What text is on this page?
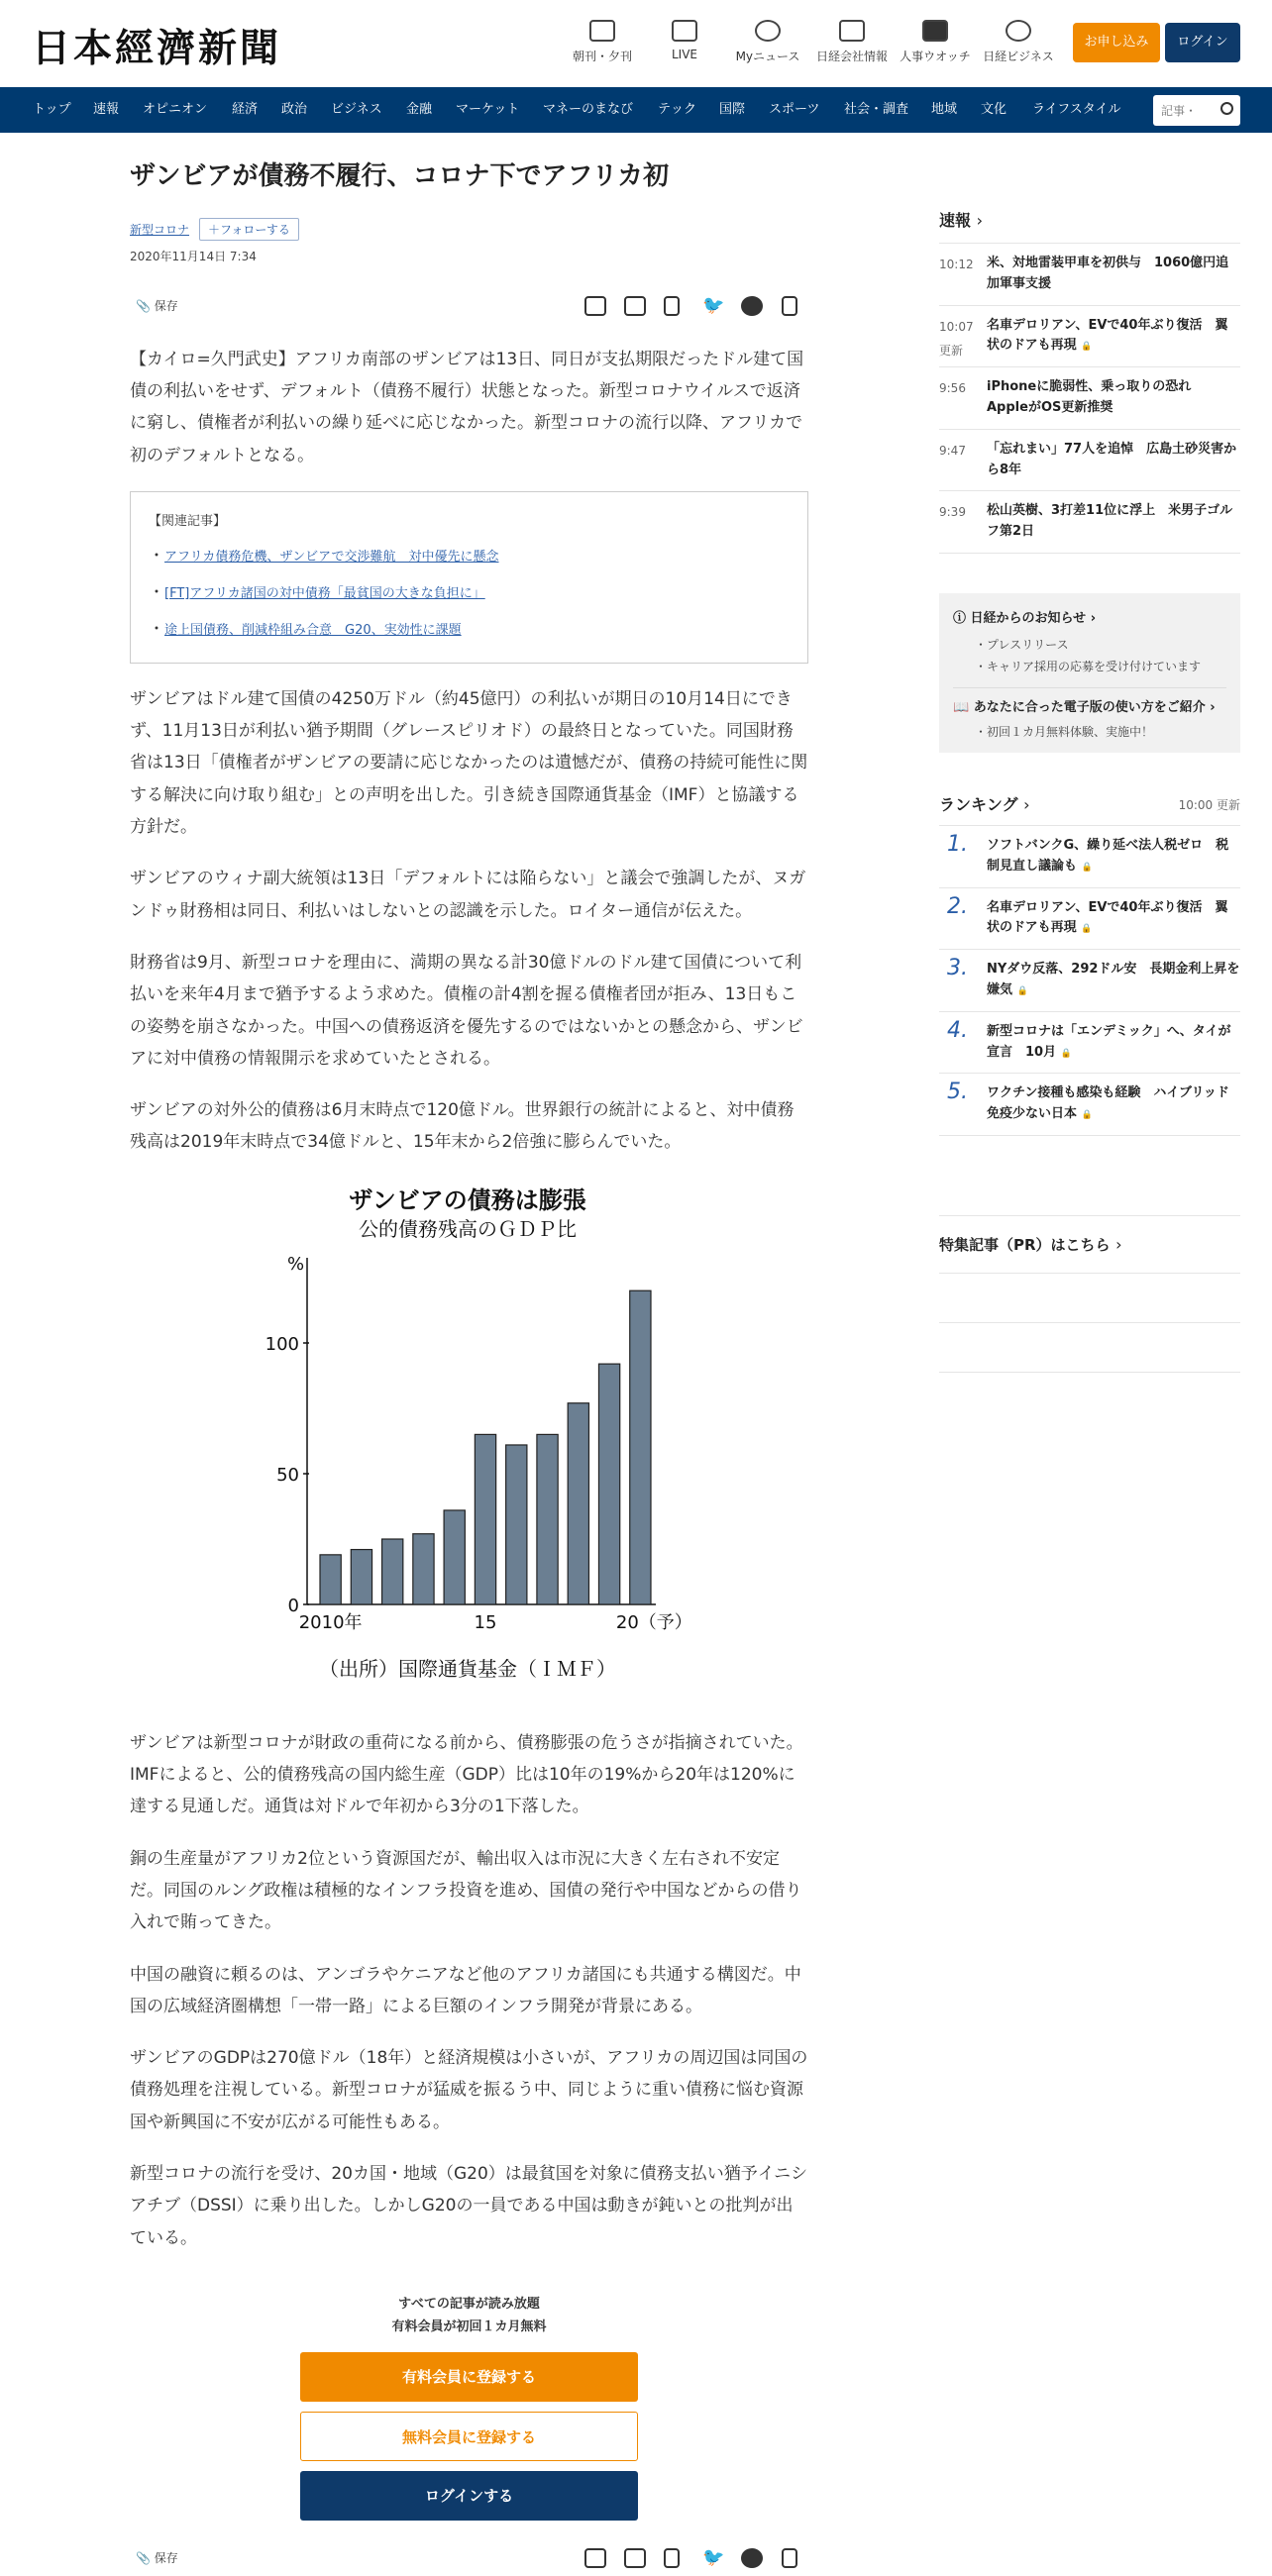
日本經濟新聞	朝刊・夕刊	LIVE	Myニュース	日経会社情報	人事ウオッチ	日経ビジネス
お申し込み	ログイン
トップ 速報 オピニオン 経済 政治 ビジネス 金融 マーケット マネーのまなび テック 国際 スポーツ 社会・調査 地域 文化 ライフスタイル
記事・
ザンビアが債務不履行、コロナ下でアフリカ初
新型コロナ ＋フォローする
2020年11月14日 7:34
📎 保存	🐦

【カイロ=久門武史】アフリカ南部のザンビアは13日、同日が支払期限だったドル建て国債の利払いをせず、デフォルト（債務不履行）状態となった。新型コロナウイルスで返済に窮し、債権者が利払いの繰り延べに応じなかった。新型コロナの流行以降、アフリカで初のデフォルトとなる。

【関連記事】
・アフリカ債務危機、ザンビアで交渉難航　対中優先に懸念
・[FT]アフリカ諸国の対中債務「最貧国の大きな負担に」
・途上国債務、削減枠組み合意　G20、実効性に課題

ザンビアはドル建て国債の4250万ドル（約45億円）の利払いが期日の10月14日にできず、11月13日が利払い猶予期間（グレースピリオド）の最終日となっていた。同国財務省は13日「債権者がザンビアの要請に応じなかったのは遺憾だが、債務の持続可能性に関する解決に向け取り組む」との声明を出した。引き続き国際通貨基金（IMF）と協議する方針だ。

ザンビアのウィナ副大統領は13日「デフォルトには陥らない」と議会で強調したが、ヌガンドゥ財務相は同日、利払いはしないとの認識を示した。ロイター通信が伝えた。

財務省は9月、新型コロナを理由に、満期の異なる計30億ドルのドル建て国債について利払いを来年4月まで猶予するよう求めた。債権の計4割を握る債権者団が拒み、13日もこの姿勢を崩さなかった。中国への債務返済を優先するのではないかとの懸念から、ザンビアに対中債務の情報開示を求めていたとされる。

ザンビアの対外公的債務は6月末時点で120億ドル。世界銀行の統計によると、対中債務残高は2019年末時点で34億ドルと、15年末から2倍強に膨らんでいた。

ザンビアの債務は膨張
公的債務残高のＧＤＰ比
%
0
50
100
2010年	15	20（予）
（出所）国際通貨基金（ＩＭＦ）

ザンビアは新型コロナが財政の重荷になる前から、債務膨張の危うさが指摘されていた。IMFによると、公的債務残高の国内総生産（GDP）比は10年の19%から20年は120%に達する見通しだ。通貨は対ドルで年初から3分の1下落した。

銅の生産量がアフリカ2位という資源国だが、輸出収入は市況に大きく左右され不安定だ。同国のルング政権は積極的なインフラ投資を進め、国債の発行や中国などからの借り入れで賄ってきた。

中国の融資に頼るのは、アンゴラやケニアなど他のアフリカ諸国にも共通する構図だ。中国の広域経済圏構想「一帯一路」による巨額のインフラ開発が背景にある。

ザンビアのGDPは270億ドル（18年）と経済規模は小さいが、アフリカの周辺国は同国の債務処理を注視している。新型コロナが猛威を振るう中、同じように重い債務に悩む資源国や新興国に不安が広がる可能性もある。

新型コロナの流行を受け、20カ国・地域（G20）は最貧国を対象に債務支払い猶予イニシアチブ（DSSI）に乗り出した。しかしG20の一員である中国は動きが鈍いとの批判が出ている。

すべての記事が読み放題
有料会員が初回１カ月無料
有料会員に登録する
無料会員に登録する
ログインする
📎 保存	🐦
速報 ›
10:12 米、対地雷装甲車を初供与　1060億円追加軍事支援
10:07
更新
名車デロリアン、EVで40年ぶり復活　翼状のドアも再現 🔒
9:56 iPhoneに脆弱性、乗っ取りの恐れ　AppleがOS更新推奨
9:47 「忘れまい」77人を追悼　広島土砂災害から8年
9:39 松山英樹、3打差11位に浮上　米男子ゴルフ第2日
ⓘ 日経からのお知らせ ›
・プレスリリース
・キャリア採用の応募を受け付けています
📖 あなたに合った電子版の使い方をご紹介 ›
・初回１カ月無料体験、実施中！
ランキング ›	10:00 更新
1. ソフトバンクG、繰り延べ法人税ゼロ　税制見直し議論も 🔒
2. 名車デロリアン、EVで40年ぶり復活　翼状のドアも再現 🔒
3. NYダウ反落、292ドル安　長期金利上昇を嫌気 🔒
4. 新型コロナは「エンデミック」へ、タイが宣言　10月 🔒
5. ワクチン接種も感染も経験　ハイブリッド免疫少ない日本 🔒
特集記事（PR）はこちら ›
